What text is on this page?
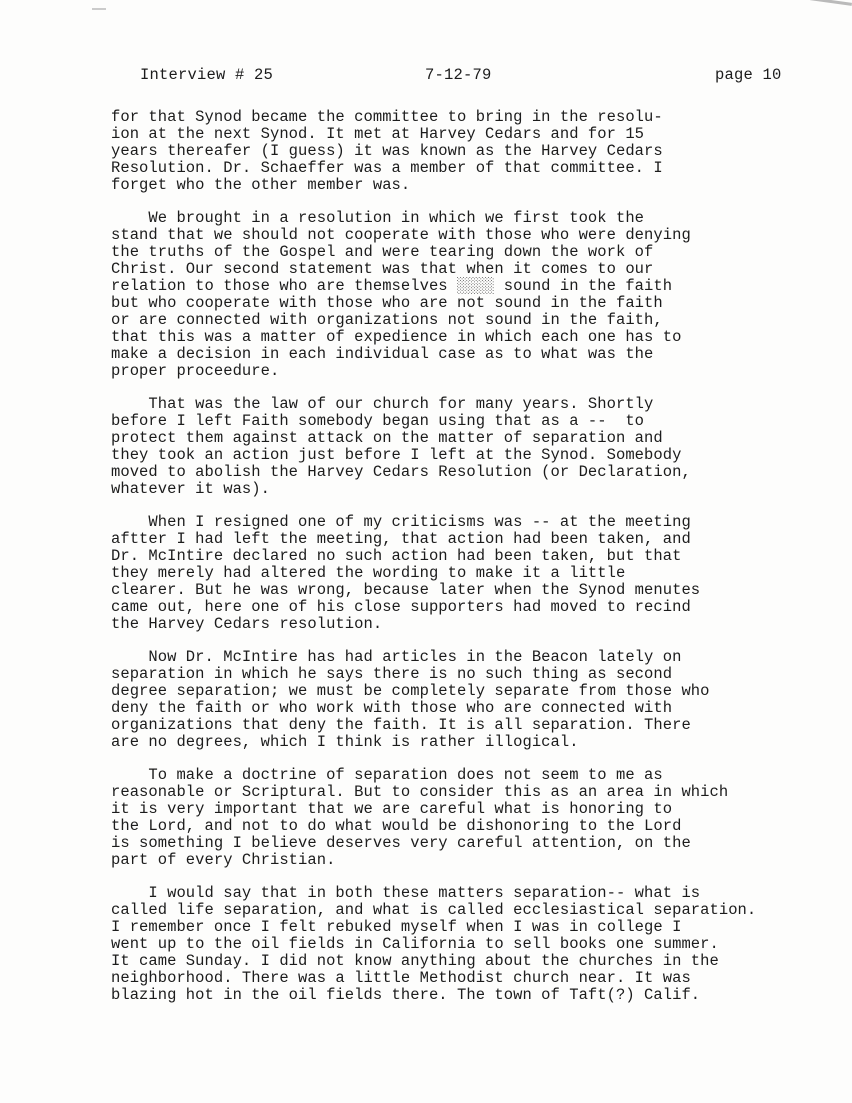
Interview # 25	7-12-79	page 10
for that Synod became the committee to bring in the resolu-
ion at the next Synod. It met at Harvey Cedars and for 15
years thereafer (I guess) it was known as the Harvey Cedars
Resolution. Dr. Schaeffer was a member of that committee. I
forget who the other member was.
We brought in a resolution in which we first took the
stand that we should not cooperate with those who were denying
the truths of the Gospel and were tearing down the work of
Christ. Our second statement was that when it comes to our
relation to those who are themselves ░░░░ sound in the faith
but who cooperate with those who are not sound in the faith
or are connected with organizations not sound in the faith,
that this was a matter of expedience in which each one has to
make a decision in each individual case as to what was the
proper proceedure.
That was the law of our church for many years. Shortly
before I left Faith somebody began using that as a --  to
protect them against attack on the matter of separation and
they took an action just before I left at the Synod. Somebody
moved to abolish the Harvey Cedars Resolution (or Declaration,
whatever it was).
When I resigned one of my criticisms was -- at the meeting
aftter I had left the meeting, that action had been taken, and
Dr. McIntire declared no such action had been taken, but that
they merely had altered the wording to make it a little
clearer. But he was wrong, because later when the Synod menutes
came out, here one of his close supporters had moved to recind
the Harvey Cedars resolution.
Now Dr. McIntire has had articles in the Beacon lately on
separation in which he says there is no such thing as second
degree separation; we must be completely separate from those who
deny the faith or who work with those who are connected with
organizations that deny the faith. It is all separation. There
are no degrees, which I think is rather illogical.
To make a doctrine of separation does not seem to me as
reasonable or Scriptural. But to consider this as an area in which
it is very important that we are careful what is honoring to
the Lord, and not to do what would be dishonoring to the Lord
is something I believe deserves very careful attention, on the
part of every Christian.
I would say that in both these matters separation-- what is
called life separation, and what is called ecclesiastical separation.
I remember once I felt rebuked myself when I was in college I
went up to the oil fields in California to sell books one summer.
It came Sunday. I did not know anything about the churches in the
neighborhood. There was a little Methodist church near. It was
blazing hot in the oil fields there. The town of Taft(?) Calif.
